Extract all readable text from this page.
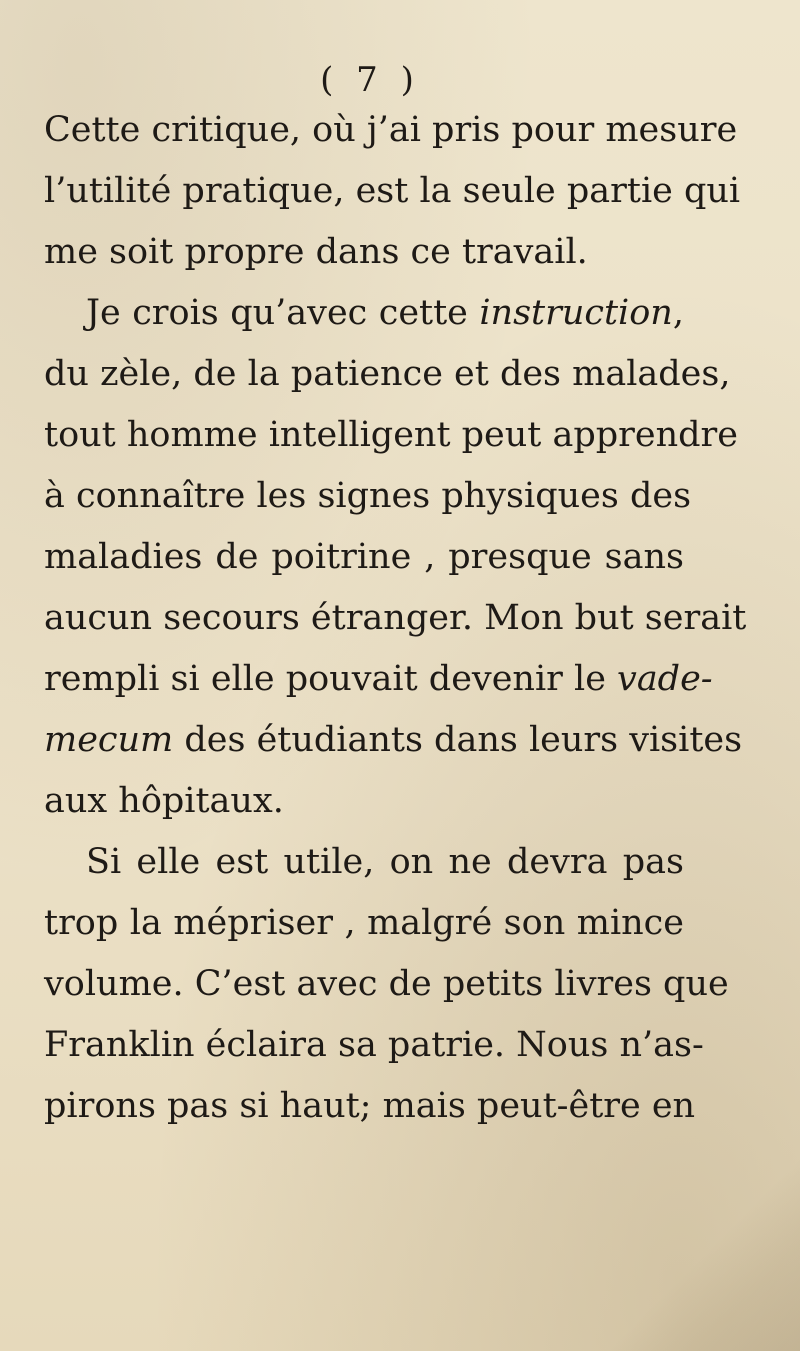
( 7 )
Cette critique, où j’ai pris pour mesure
l’utilité pratique, est la seule partie qui
me soit propre dans ce travail.
Je crois qu’avec cette instruction,
du zèle, de la patience et des malades,
tout homme intelligent peut apprendre
à connaître les signes physiques des
maladies de poitrine , presque sans
aucun secours étranger. Mon but serait
rempli si elle pouvait devenir le vade-
mecum des étudiants dans leurs visites
aux hôpitaux.
Si elle est utile, on ne devra pas
trop la mépriser , malgré son mince
volume. C’est avec de petits livres que
Franklin éclaira sa patrie. Nous n’as-
pirons pas si haut; mais peut-être en
